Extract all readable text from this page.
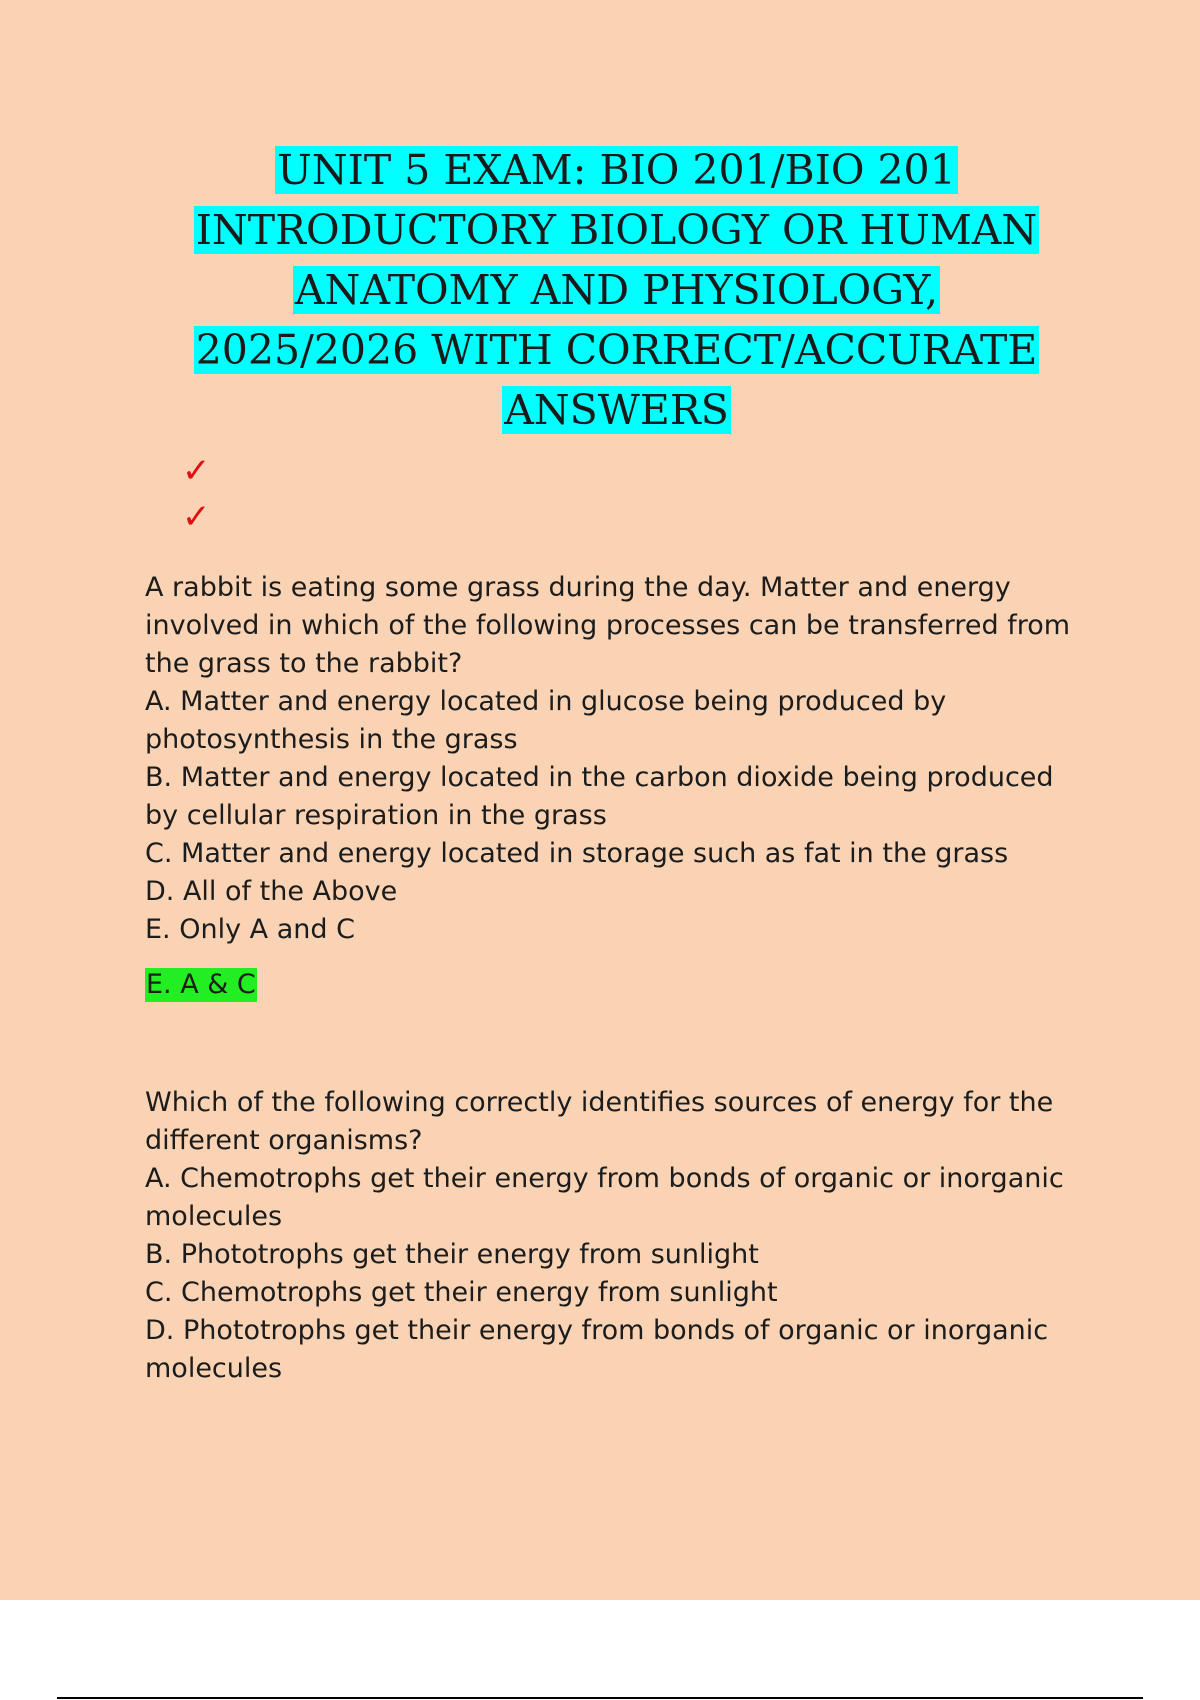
UNIT 5 EXAM: BIO 201/BIO 201
INTRODUCTORY BIOLOGY OR HUMAN
ANATOMY AND PHYSIOLOGY,
2025/2026 WITH CORRECT/ACCURATE
ANSWERS
✓
✓

A rabbit is eating some grass during the day. Matter and energy involved in which of the following processes can be transferred from the grass to the rabbit?

A. Matter and energy located in glucose being produced by photosynthesis in the grass

B. Matter and energy located in the carbon dioxide being produced by cellular respiration in the grass

C. Matter and energy located in storage such as fat in the grass

D. All of the Above

E. Only A and C

E. A & C

Which of the following correctly identifies sources of energy for the different organisms?

A. Chemotrophs get their energy from bonds of organic or inorganic molecules

B. Phototrophs get their energy from sunlight

C. Chemotrophs get their energy from sunlight

D. Phototrophs get their energy from bonds of organic or inorganic molecules
